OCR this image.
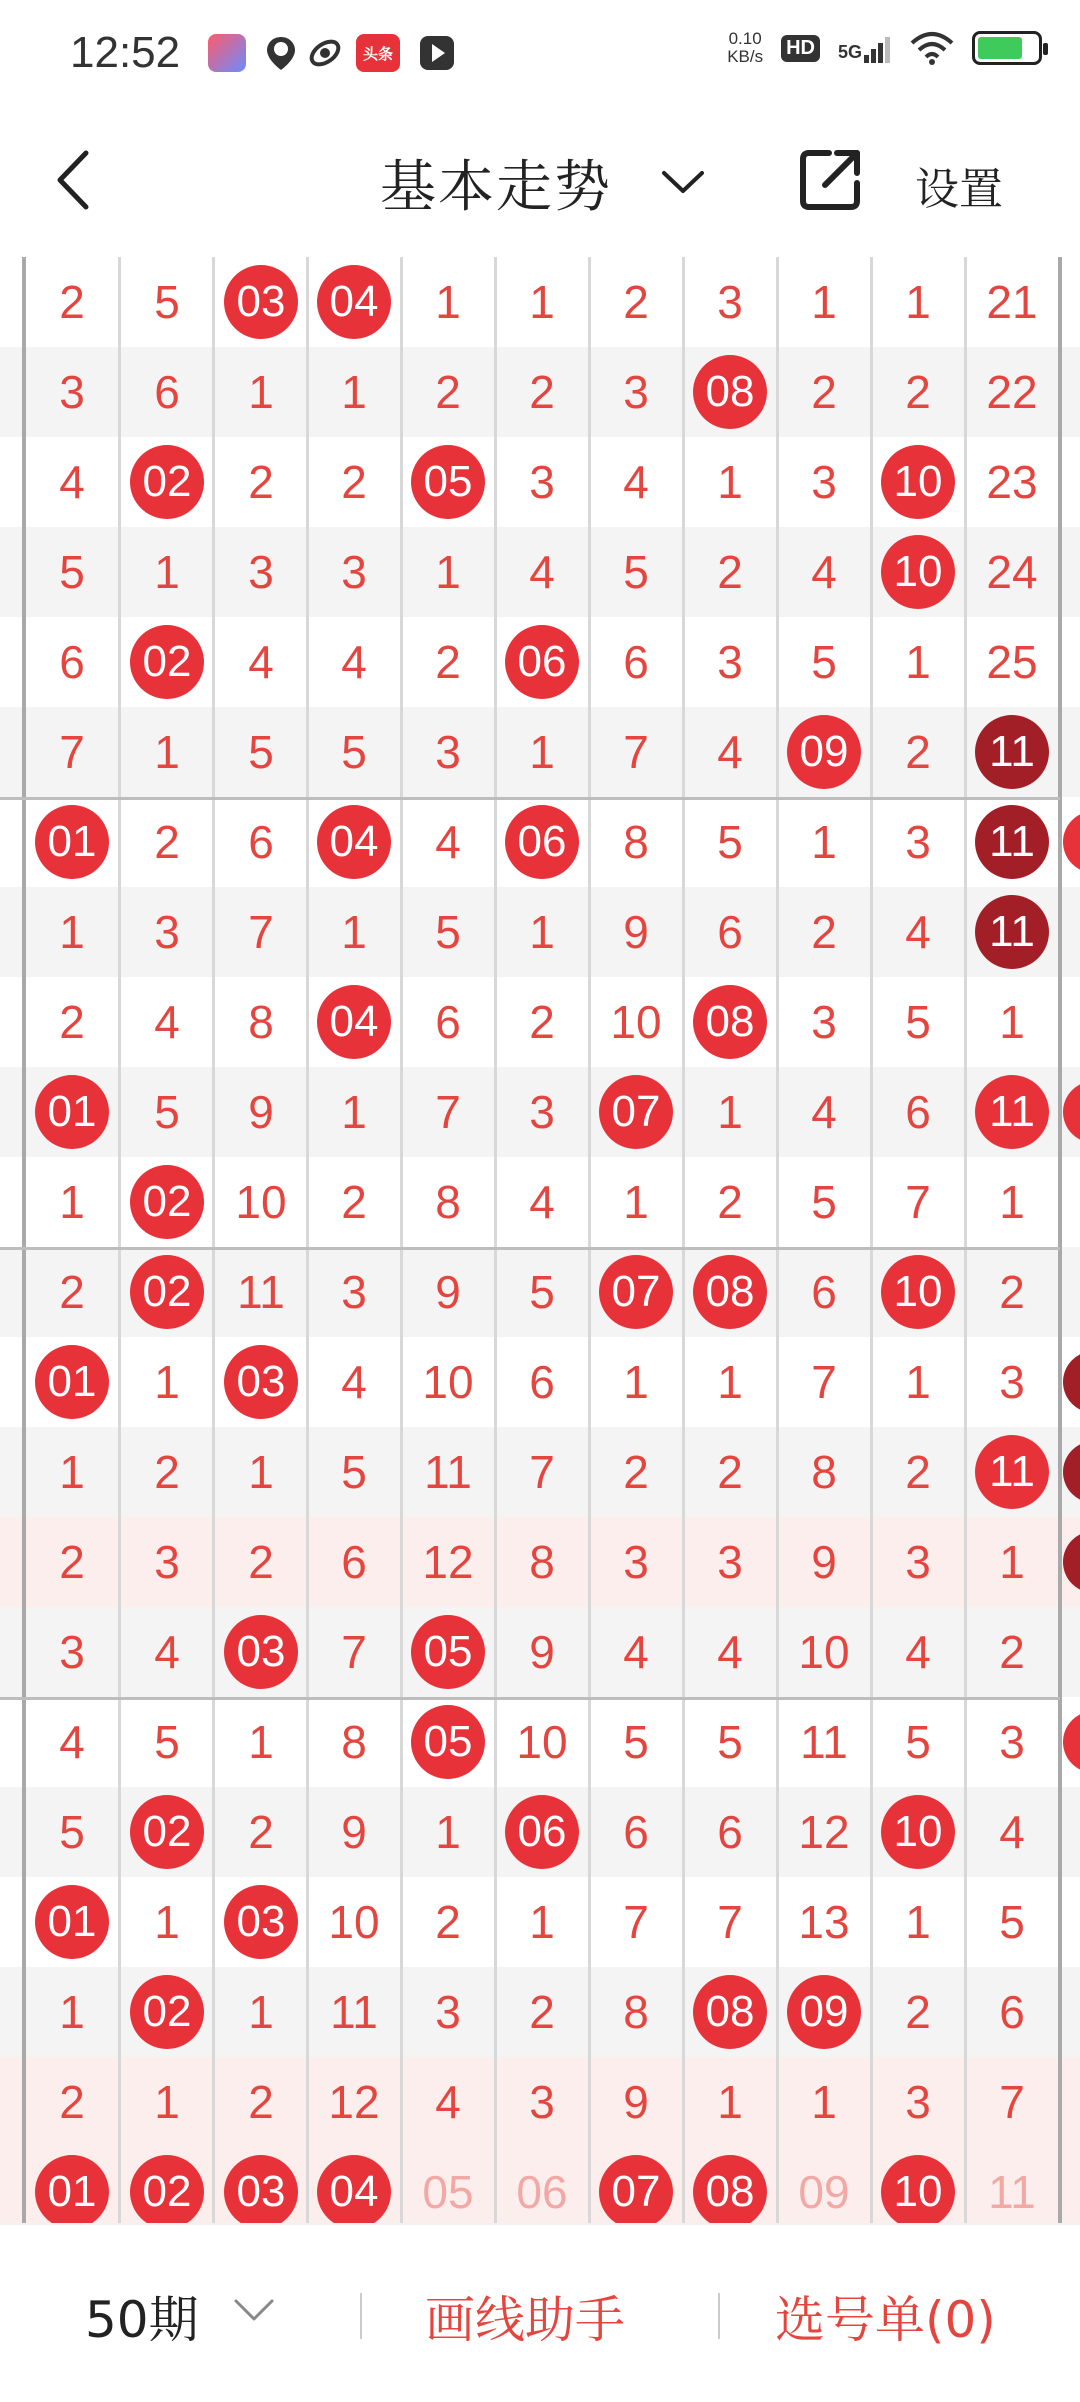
12:52	头条
0.10
KB/s HD 5G
基本走势	设置
2 5 03 04 1 1 2 3 1 1 21
3 6 1 1 2 2 3 08 2 2 22
4 02 2 2 05 3 4 1 3 10 23
5 1 3 3 1 4 5 2 4 10 24
6 02 4 4 2 06 6 3 5 1 25
7 1 5 5 3 1 7 4 09 2	11
01 2 6 04 4 06 8 5 1 3	11
1 3 7 1 5 1 9 6 2 4	11
2 4 8 04 6 2 10 08 3 5 1
01 5 9 1 7 3 07 1 4 6	11
1 02 10 2 8 4 1 2 5 7 1
2 02 11 3 9 5 07 08 6 10 2
01 1 03 4 10 6 1 1 7 1 3
1 2 1 5 11 7 2 2 8 2	11
2 3 2 6 12 8 3 3 9 3 1
3 4 03 7 05 9 4 4 10 4 2
4 5 1 8 05 10 5 5 11 5 3
5 02 2 9 1 06 6 6 12 10 4
01 1 03 10 2 1 7 7 13 1 5
1 02 1 11 3 2 8 08 09 2 6
2 1 2 12 4 3 9 1 1 3 7
01 02 03 04 05 06 07 08 09 10 11
50期	画线助手	选号单(0)
